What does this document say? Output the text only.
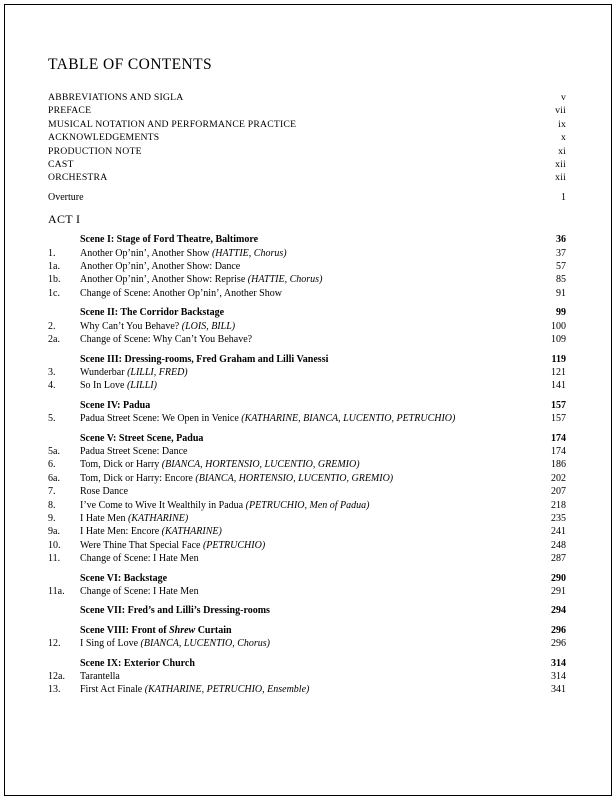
TABLE OF CONTENTS
ABBREVIATIONS AND SIGLA	v
PREFACE	vii
MUSICAL NOTATION AND PERFORMANCE PRACTICE	ix
ACKNOWLEDGEMENTS	x
PRODUCTION NOTE	xi
CAST	xii
ORCHESTRA	xii
Overture	1
ACT I
Scene I: Stage of Ford Theatre, Baltimore	36
1.	Another Op’nin’, Another Show (HATTIE, Chorus)	37
1a.	Another Op’nin’, Another Show: Dance	57
1b.	Another Op’nin’, Another Show: Reprise (HATTIE, Chorus)	85
1c.	Change of Scene: Another Op’nin’, Another Show	91
Scene II: The Corridor Backstage	99
2.	Why Can’t You Behave? (LOIS, BILL)	100
2a.	Change of Scene: Why Can’t You Behave?	109
Scene III: Dressing-rooms, Fred Graham and Lilli Vanessi	119
3.	Wunderbar (LILLI, FRED)	121
4.	So In Love (LILLI)	141
Scene IV: Padua	157
5.	Padua Street Scene: We Open in Venice (KATHARINE, BIANCA, LUCENTIO, PETRUCHIO)	157
Scene V: Street Scene, Padua	174
5a.	Padua Street Scene: Dance	174
6.	Tom, Dick or Harry (BIANCA, HORTENSIO, LUCENTIO, GREMIO)	186
6a.	Tom, Dick or Harry: Encore (BIANCA, HORTENSIO, LUCENTIO, GREMIO)	202
7.	Rose Dance	207
8.	I’ve Come to Wive It Wealthily in Padua (PETRUCHIO, Men of Padua)	218
9.	I Hate Men (KATHARINE)	235
9a.	I Hate Men: Encore (KATHARINE)	241
10.	Were Thine That Special Face (PETRUCHIO)	248
11.	Change of Scene: I Hate Men	287
Scene VI: Backstage	290
11a.	Change of Scene: I Hate Men	291
Scene VII: Fred’s and Lilli’s Dressing-rooms	294
Scene VIII: Front of Shrew Curtain	296
12.	I Sing of Love (BIANCA, LUCENTIO, Chorus)	296
Scene IX: Exterior Church	314
12a.	Tarantella	314
13.	First Act Finale (KATHARINE, PETRUCHIO, Ensemble)	341
